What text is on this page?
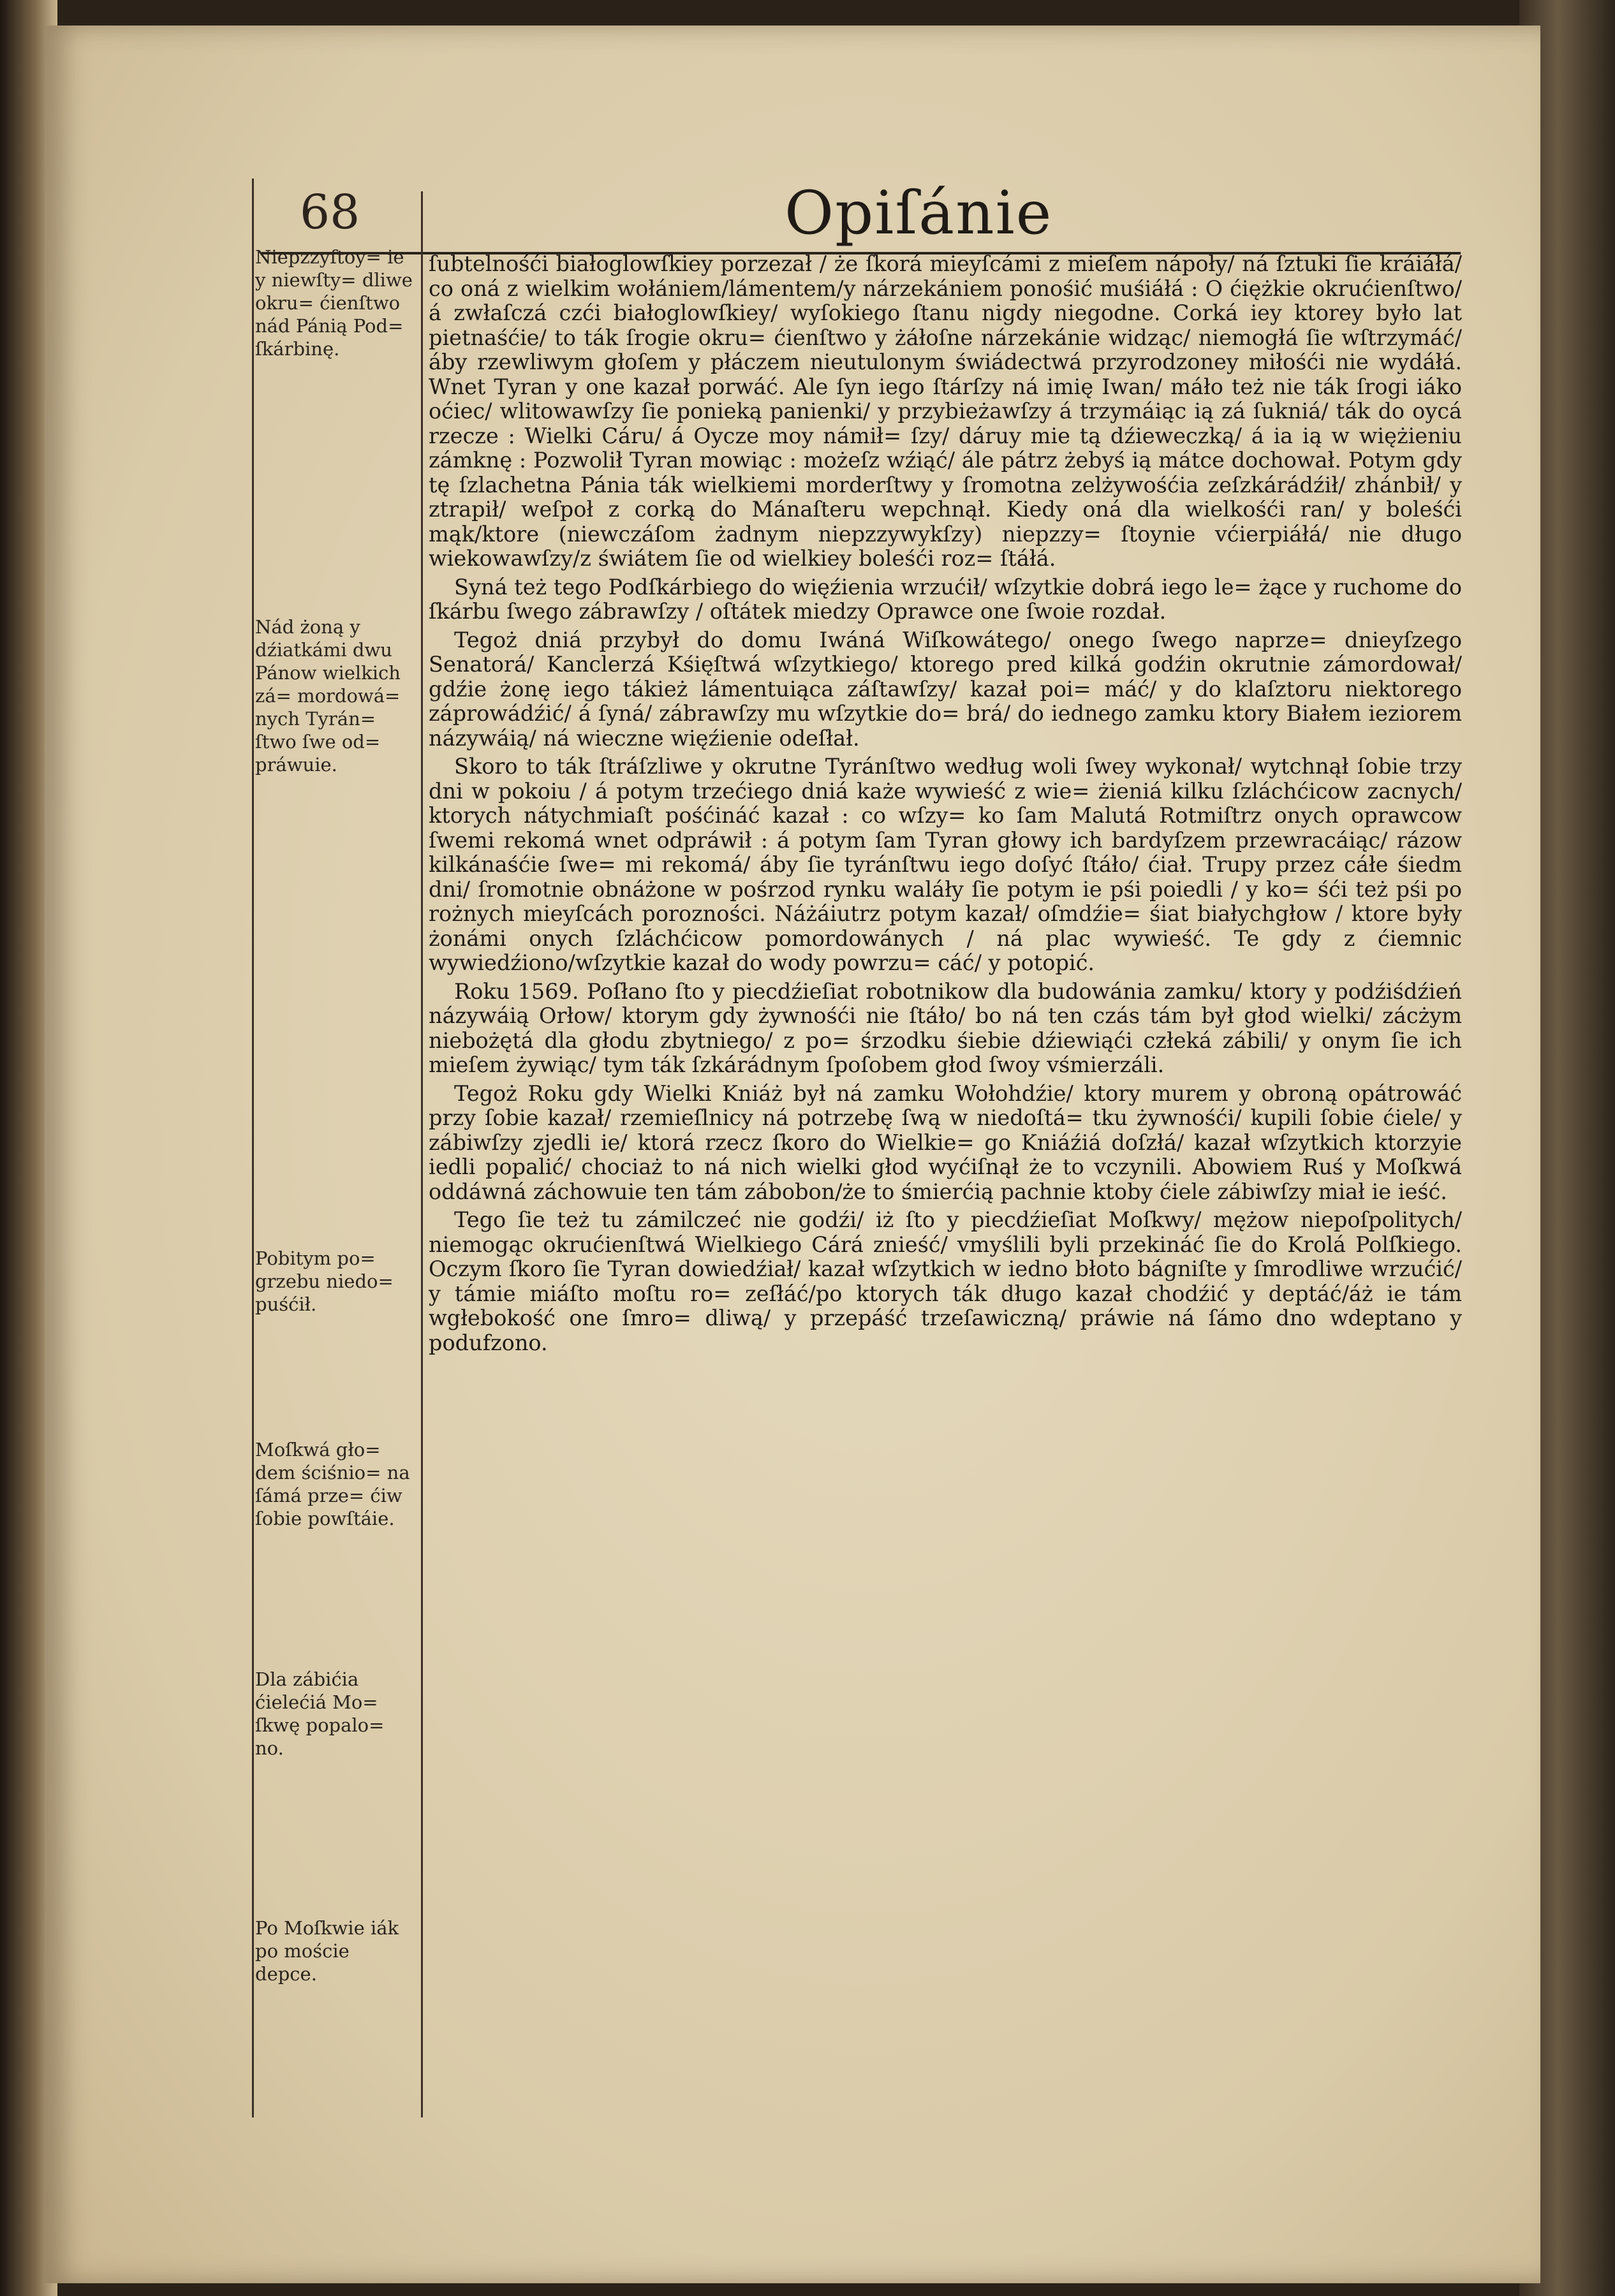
68	Opiſánie
Niepzzyſtoy= ie y niewſty= dliwe okru= ćienſtwo nád Pánią Pod= ſkárbinę.
Nád żoną y dźiatkámi dwu Pánow wielkich zá= mordowá= nych Tyrán= ſtwo ſwe od= práwuie.
Pobitym po= grzebu niedo= puśćił.
Moſkwá gło= dem ściśnio= na ſámá prze= ćiw ſobie powſtáie.
Dla zábićia ćielećiá Mo= ſkwę popalo= no.
Po Moſkwie iák po moście depce.

ſubtelnośći białoglowſkiey porzezał / że ſkorá mieyſcámi z mieſem nápoły/ ná ſztuki ſie kráiáłá/ co oná z wielkim wołániem/lámentem/y nárzekániem ponośić muśiáłá : O ćiężkie okrućienſtwo/ á zwłaſczá czći białoglowſkiey/ wyſokiego ſtanu nigdy niegodne. Corká iey ktorey było lat pietnaśćie/ to ták ſrogie okru= ćienſtwo y żáłoſne nárzekánie widząc/ niemogłá ſie wſtrzymáć/ áby rzewliwym głoſem y płáczem nieutulonym świádectwá przyrodzoney miłośći nie wydáłá. Wnet Tyran y one kazał porwáć. Ale ſyn iego ſtárſzy ná imię Iwan/ máło też nie ták ſrogi iáko oćiec/ wlitowawſzy ſie ponieką panienki/ y przybieżawſzy á trzymáiąc ią zá ſukniá/ ták do oycá rzecze : Wielki Cáru/ á Oycze moy námił= ſzy/ dáruy mie tą dźieweczką/ á ia ią w więżieniu zámknę : Pozwolił Tyran mowiąc : możeſz wźiąć/ ále pátrz żebyś ią mátce dochował. Potym gdy tę ſzlachetna Pánia ták wielkiemi morderſtwy y ſromotna zelżywośćia zeſzkárádźił/ zhánbił/ y ztrapił/ weſpoł z corką do Mánaſteru wepchnął. Kiedy oná dla wielkośći ran/ y boleśći mąk/ktore (niewczáſom żadnym niepzzywykſzy) niepzzy= ſtoynie vćierpiáłá/ nie długo wiekowawſzy/z świátem ſie od wielkiey boleśći roz= ſtáłá.

Syná też tego Podſkárbiego do więźienia wrzućił/ wſzytkie dobrá iego le= żące y ruchome do ſkárbu ſwego zábrawſzy / oſtátek miedzy Oprawce one ſwoie rozdał.

Tegoż dniá przybył do domu Iwáná Wiſkowátego/ onego ſwego naprze= dnieyſzego Senatorá/ Kanclerzá Kśięſtwá wſzytkiego/ ktorego pred kilká godźin okrutnie zámordował/ gdźie żonę iego tákież lámentuiąca záſtawſzy/ kazał poi= máć/ y do klaſztoru niektorego záprowádźić/ á ſyná/ zábrawſzy mu wſzytkie do= brá/ do iednego zamku ktory Białem ieziorem názywáią/ ná wieczne więźienie odeſłał.

Skoro to ták ſtráſzliwe y okrutne Tyránſtwo według woli ſwey wykonał/ wytchnął ſobie trzy dni w pokoiu / á potym trzećiego dniá każe wywieść z wie= żieniá kilku ſzláchćicow zacnych/ ktorych nátychmiaſt pośćináć kazał : co wſzy= ko ſam Malutá Rotmiſtrz onych oprawcow ſwemi rekomá wnet odpráwił : á potym ſam Tyran głowy ich bardyſzem przewracáiąc/ rázow kilkánaśćie ſwe= mi rekomá/ áby ſie tyránſtwu iego doſyć ſtáło/ ćiał. Trupy przez cáłe śiedm dni/ ſromotnie obnáżone w pośrzod rynku waláły ſie potym ie pśi poiedli / y ko= śći też pśi po rożnych mieyſcách porozności. Náżáiutrz potym kazał/ oſmdźie= śiat białychgłow / ktore były żonámi onych ſzláchćicow pomordowánych / ná plac wywieść. Te gdy z ćiemnic wywiedźiono/wſzytkie kazał do wody powrzu= cáć/ y potopić.

Roku 1569. Poſłano ſto y piecdźieſiat robotnikow dla budowánia zamku/ ktory y podźiśdźień názywáią Orłow/ ktorym gdy żywnośći nie ſtáło/ bo ná ten czás tám był głod wielki/ zácżym niebożętá dla głodu zbytniego/ z po= śrzodku śiebie dźiewiąći człeká zábili/ y onym ſie ich mieſem żywiąc/ tym ták ſzkárádnym ſpoſobem głod ſwoy vśmierzáli.

Tegoż Roku gdy Wielki Kniáż był ná zamku Wołohdźie/ ktory murem y obroną opátrowáć przy ſobie kazał/ rzemieſlnicy ná potrzebę ſwą w niedoſtá= tku żywnośći/ kupili ſobie ćiele/ y zábiwſzy zjedli ie/ ktorá rzecz ſkoro do Wielkie= go Kniáźiá doſzłá/ kazał wſzytkich ktorzyie iedli popalić/ chociaż to ná nich wielki głod wyćiſnął że to vczynili. Abowiem Ruś y Moſkwá oddáwná záchowuie ten tám zábobon/że to śmierćią pachnie ktoby ćiele zábiwſzy miał ie ieść.

Tego ſie też tu zámilczeć nie godźi/ iż ſto y piecdźieſiat Moſkwy/ mężow niepoſpolitych/ niemogąc okrućienſtwá Wielkiego Cárá znieść/ vmyślili byli przekináć ſie do Krolá Polſkiego. Oczym ſkoro ſie Tyran dowiedźiał/ kazał wſzytkich w iedno błoto bágniſte y ſmrodliwe wrzućić/ y támie miáſto moſtu ro= zeſłáć/po ktorych ták długo kazał chodźić y deptáć/áż ie tám wgłebokość one ſmro= dliwą/ y przepáść trzeſawiczną/ práwie ná ſámo dno wdeptano y podufzono.
